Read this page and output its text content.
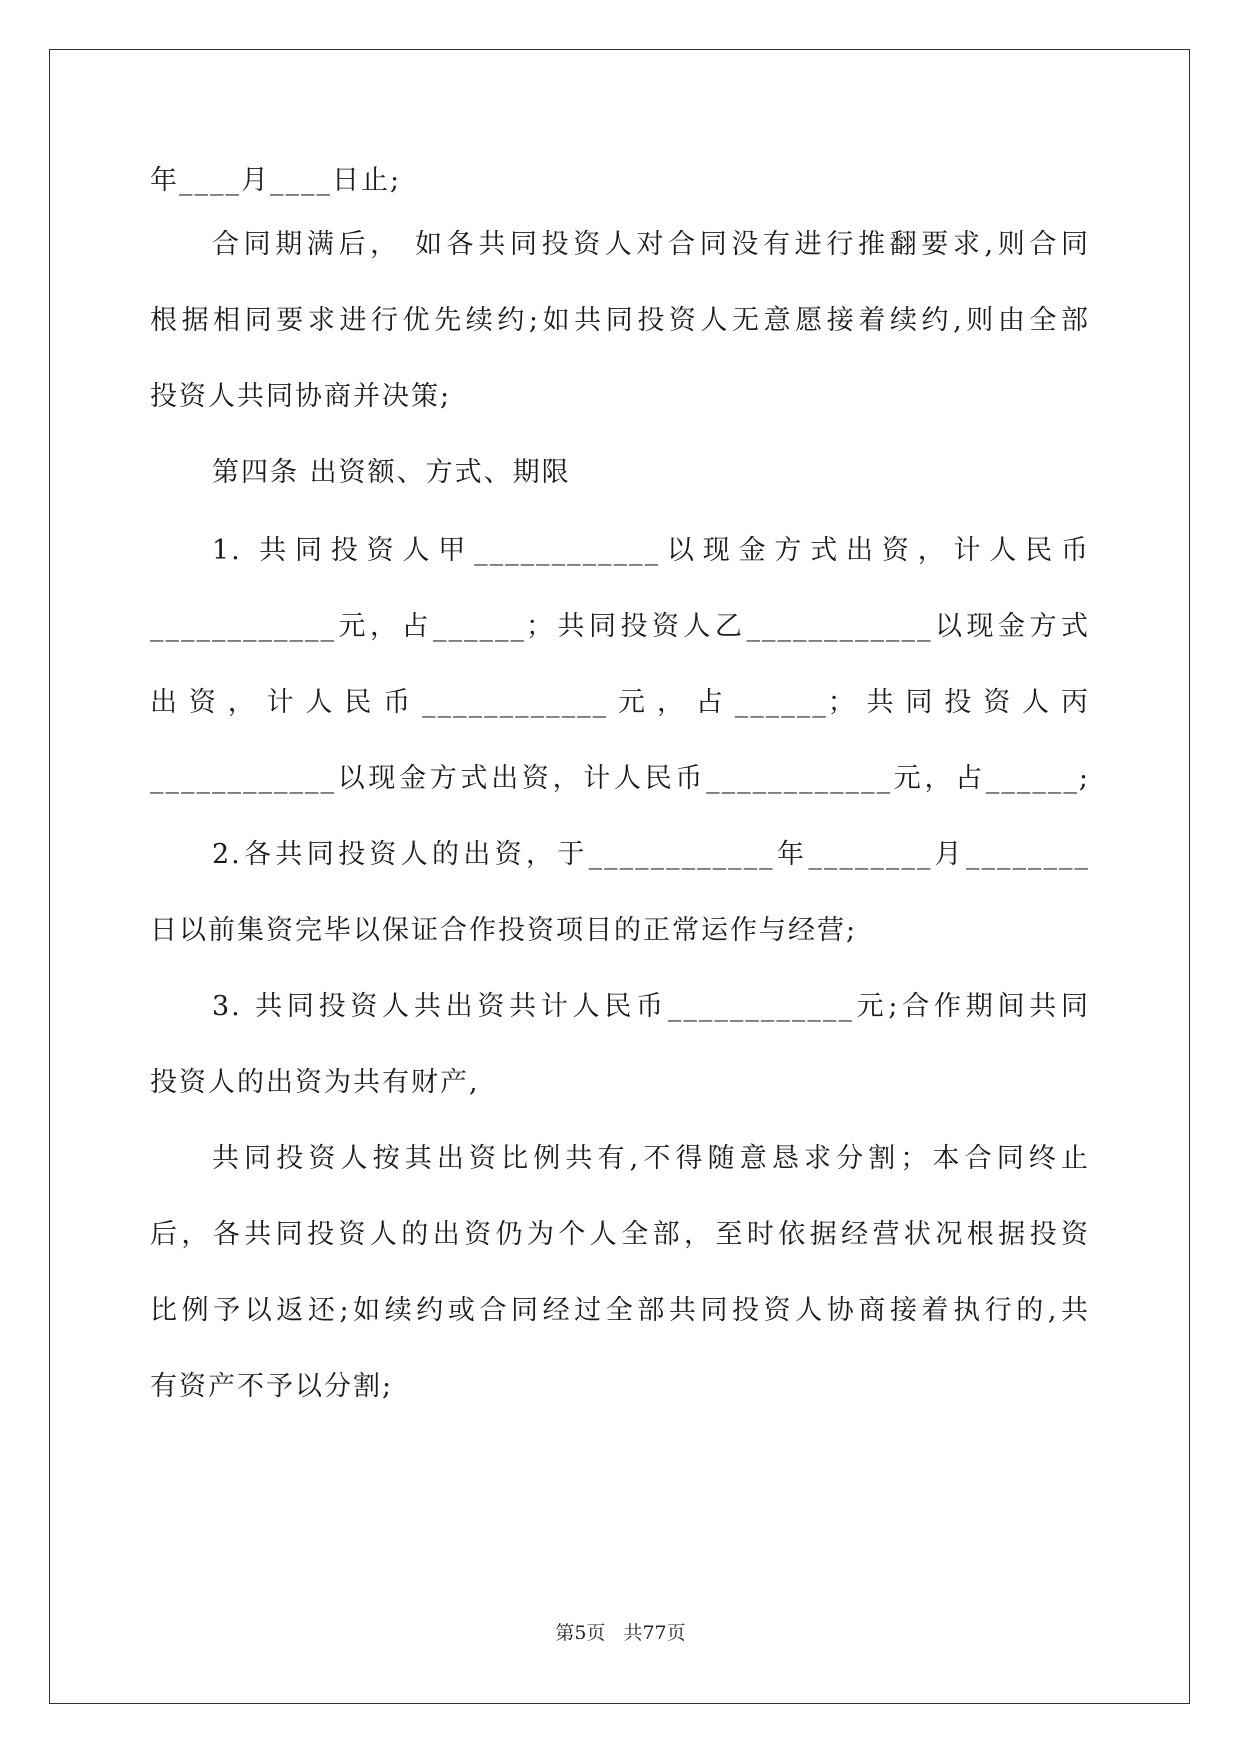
年____月____日止;
合同期满后， 如各共同投资人对合同没有进行推翻要求,则合同
根据相同要求进行优先续约;如共同投资人无意愿接着续约,则由全部
投资人共同协商并决策;
第四条 出资额、方式、期限
1. 共同投资人甲____________以现金方式出资，计人民币
____________元，占______；共同投资人乙____________以现金方式
出资，计人民币____________元，占______；共同投资人丙
____________以现金方式出资，计人民币____________元，占______;
2.各共同投资人的出资，于____________年________月________
日以前集资完毕以保证合作投资项目的正常运作与经营;
3. 共同投资人共出资共计人民币____________元;合作期间共同
投资人的出资为共有财产,
共同投资人按其出资比例共有,不得随意恳求分割；本合同终止
后，各共同投资人的出资仍为个人全部，至时依据经营状况根据投资
比例予以返还;如续约或合同经过全部共同投资人协商接着执行的,共
有资产不予以分割;
第5页 共77页
